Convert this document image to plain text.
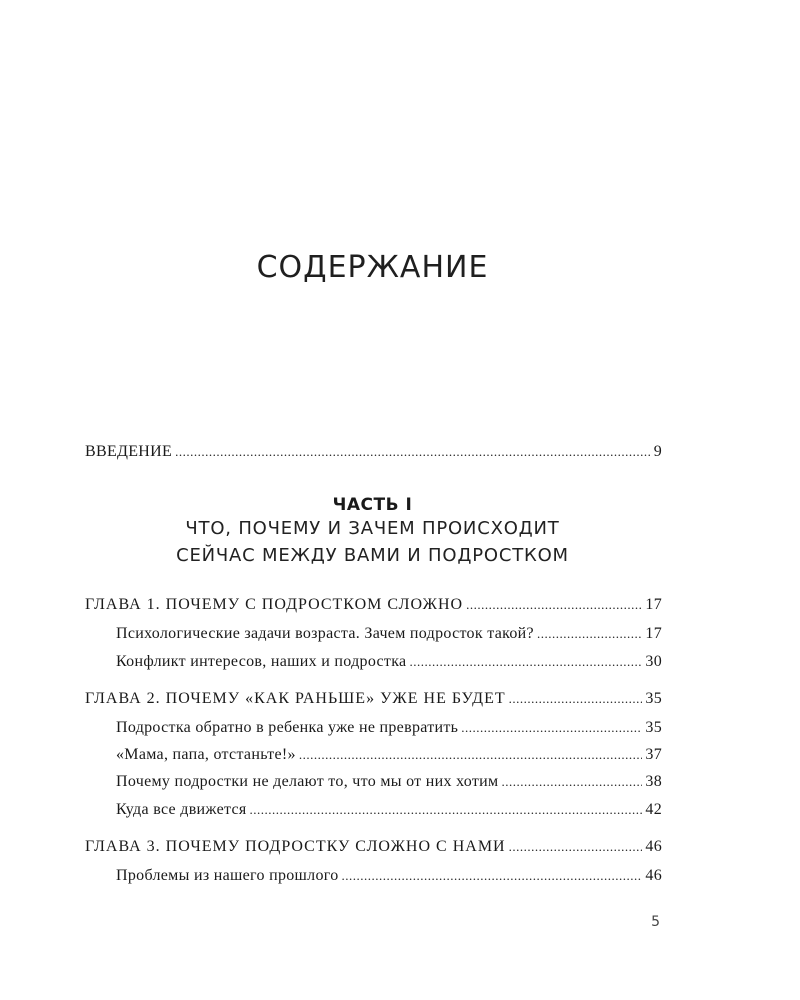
СОДЕРЖАНИЕ
ВВЕДЕНИЕ .....	9
ЧАСТЬ I
ЧТО, ПОЧЕМУ И ЗАЧЕМ ПРОИСХОДИТ
СЕЙЧАС МЕЖДУ ВАМИ И ПОДРОСТКОМ
ГЛАВА 1. ПОЧЕМУ С ПОДРОСТКОМ СЛОЖНО .....	17
Психологические задачи возраста. Зачем подросток такой? .....	17
Конфликт интересов, наших и подростка .....	30
ГЛАВА 2. ПОЧЕМУ «КАК РАНЬШЕ» УЖЕ НЕ БУДЕТ .....	35
Подростка обратно в ребенка уже не превратить .....	35
«Мама, папа, отстаньте!» .....	37
Почему подростки не делают то, что мы от них хотим .....	38
Куда все движется .....	42
ГЛАВА 3. ПОЧЕМУ ПОДРОСТКУ СЛОЖНО С НАМИ .....	46
Проблемы из нашего прошлого .....	46
5
